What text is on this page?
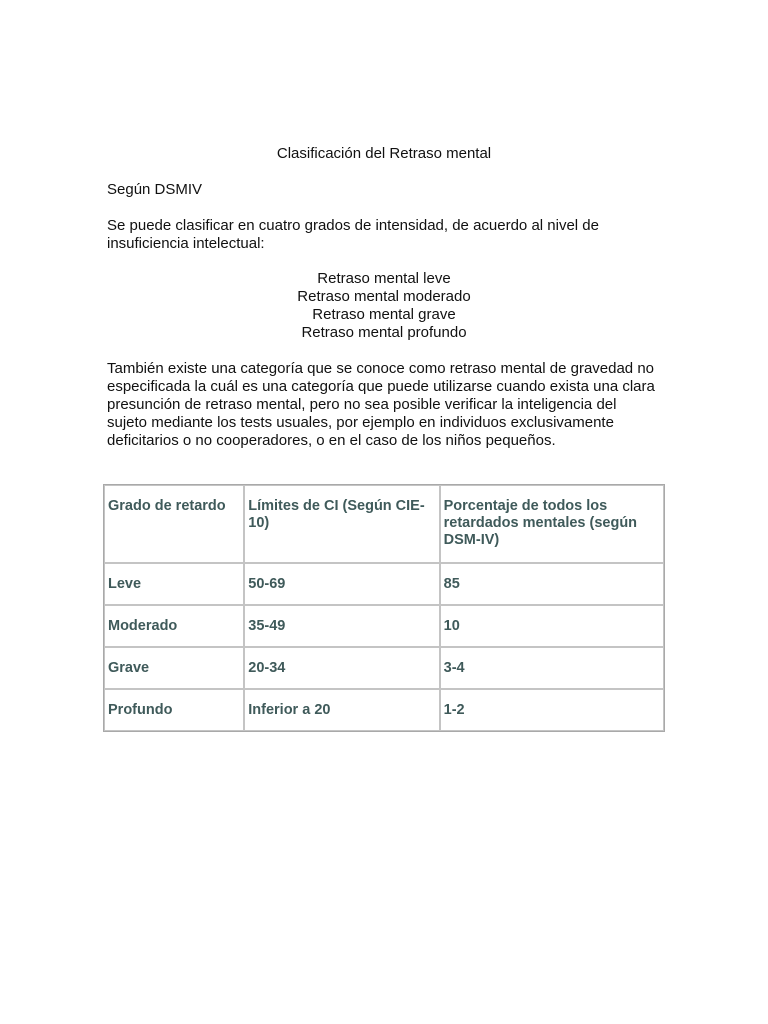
Clasificación del Retraso mental
Según DSMIV
Se puede clasificar en cuatro grados de intensidad, de acuerdo al nivel de insuficiencia intelectual:
Retraso mental leve
Retraso mental moderado
Retraso mental grave
Retraso mental profundo
También existe una categoría que se conoce como retraso mental de gravedad no
especificada la cuál es una categoría que puede utilizarse cuando exista una clara
presunción de retraso mental, pero no sea posible verificar la inteligencia del
sujeto mediante los tests usuales, por ejemplo en individuos exclusivamente
deficitarios o no cooperadores, o en el caso de los niños pequeños.
Grado de retardo	Límites de CI (Según CIE-10)	Porcentaje de todos los retardados mentales (según DSM-IV)
Leve	50-69	85
Moderado	35-49	10
Grave	20-34	3-4
Profundo	Inferior a 20	1-2
